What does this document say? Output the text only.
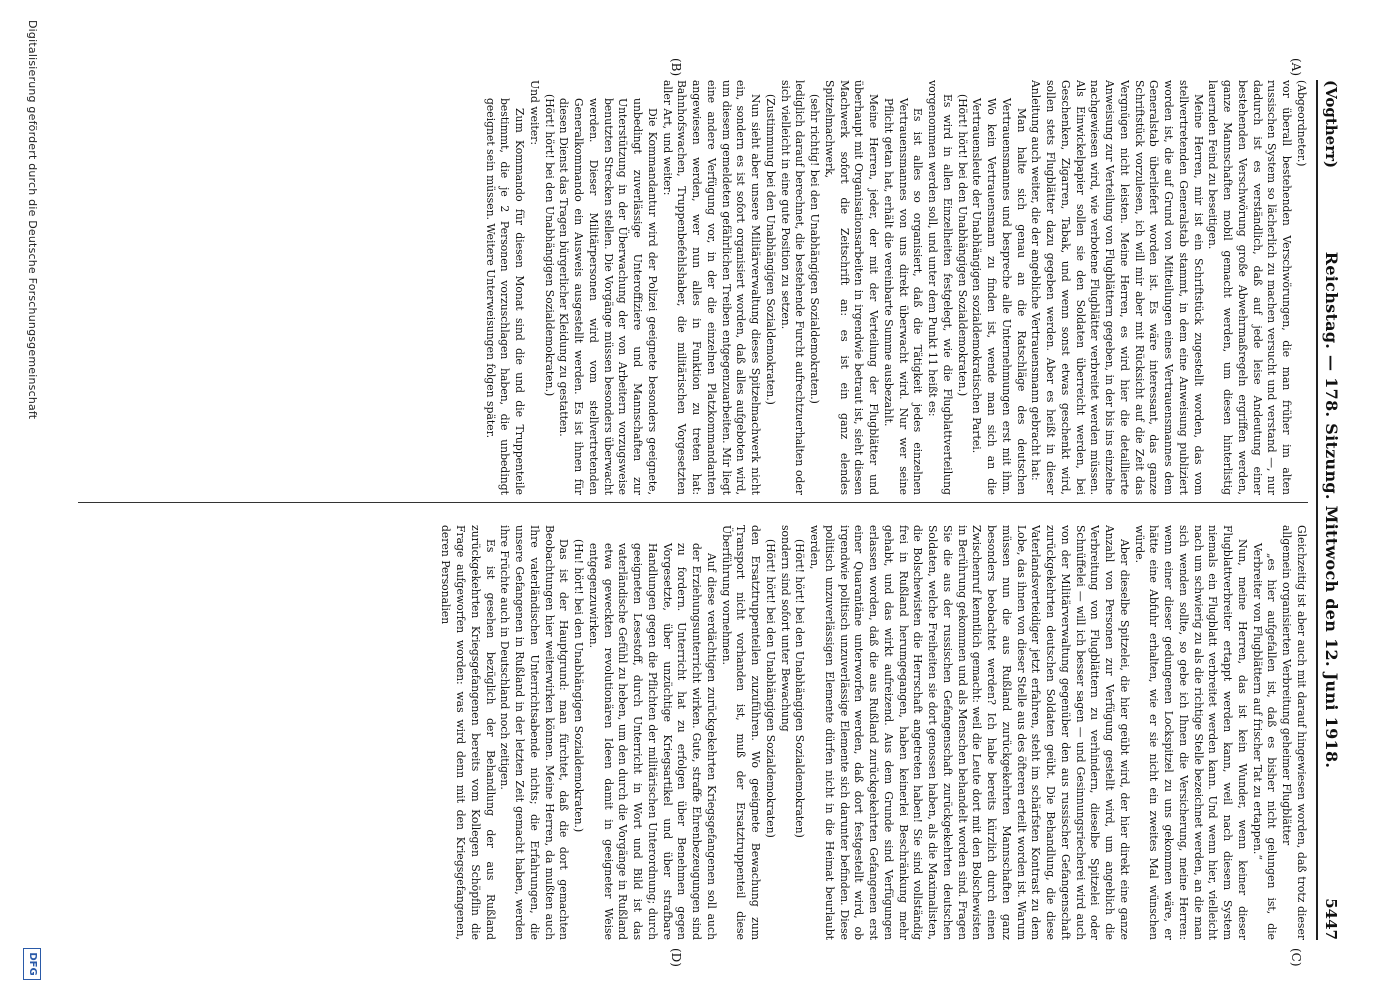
(Vogtherr)
Reichstag. — 178. Sitzung. Mittwoch den 12. Juni 1918.
5447
(A)
(B)
(C)
(D)

(Abgeordneter.)

vor überall bestehenden Verschwörungen, die man früher im alten russischen System so lächerlich zu machen versucht und verstand —, nur dadurch ist es verständlich, daß auf jede leise Andeutung einer bestehenden Verschwörung große Abwehrmaßregeln ergriffen werden, ganze Mannschaften mobil gemacht werden, um diesen hinterlistig lauernden Feind zu beseitigen.

Meine Herren, mir ist ein Schriftstück zugestellt worden, das vom stellvertretenden Generalstab stammt, in dem eine Anweisung publiziert worden ist, die auf Grund von Mitteilungen eines Vertrauensmannes dem Generalstab überliefert worden ist. Es wäre interessant, das ganze Schriftstück vorzulesen, ich will mir aber mit Rücksicht auf die Zeit das Vergnügen nicht leisten. Meine Herren, es wird hier die detaillierte Anweisung zur Verteilung von Flugblättern gegeben, in der bis ins einzelne nachgewiesen wird, wie verbotene Flugblätter verbreitet werden müssen. Als Einwickelpapier sollen sie den Soldaten überreicht werden, bei Geschenken, Zigarren, Tabak, und wenn sonst etwas geschenkt wird, sollen stets Flugblätter dazu gegeben werden. Aber es heißt in dieser Anleitung auch weiter, die der angebliche Vertrauensmann gebracht hat:

Man halte sich genau an die Ratschläge des deutschen Vertrauensmannes und bespreche alle Unternehmungen erst mit ihm. Wo kein Vertrauensmann zu finden ist, wende man sich an die Vertrauensleute der Unabhängigen sozialdemokratischen Partei.

(Hört! hört! bei den Unabhängigen Sozialdemokraten.)

Es wird in allen Einzelheiten festgelegt, wie die Flugblattverteilung vorgenommen werden soll, und unter dem Punkt 11 heißt es:

Es ist alles so organisiert, daß die Tätigkeit jedes einzelnen Vertrauensmannes von uns direkt überwacht wird. Nur wer seine Pflicht getan hat, erhält die vereinbarte Summe ausbezahlt.

Meine Herren, jeder, der mit der Verteilung der Flugblätter und überhaupt mit Organisationsarbeiten in irgendwie betraut ist, sieht diesen Machwerk sofort die Zeitschrift an: es ist ein ganz elendes Spitzelmachwerk,

(sehr richtig! bei den Unabhängigen Sozialdemokraten.)

lediglich darauf berechnet, die bestehende Furcht aufrechtzuerhalten oder sich vielleicht in eine gute Position zu setzen.

(Zustimmung bei den Unabhängigen Sozialdemokraten.)

Nun sieht aber unsere Militärverwaltung dieses Spitzelmachwerk nicht ein, sondern es ist sofort organisiert worden, daß alles aufgeboten wird, um diesem gemeldeten gefährlichen Treiben entgegenzuarbeiten. Mir liegt eine andere Verfügung vor, in der die einzelnen Platzkommandanten angewiesen werden, wer nun alles in Funktion zu treten hat: Bahnhofswachen, Truppenbefehlshaber, die militärischen Vorgesetzten aller Art, und weiter:

Die Kommandantur wird der Polizei geeignete besonders geeignete, unbedingt zuverlässige Unteroffiziere und Mannschaften zur Unterstützung in der Überwachung der von Arbeitern vorzugsweise benutzten Strecken stellen. Die Vorgänge müssen besonders überwacht werden. Dieser Militärpersonen wird vom stellvertretenden Generalkommando ein Ausweis ausgestellt werden. Es ist ihnen für diesen Dienst das Tragen bürgerlicher Kleidung zu gestatten.

(Hört! hört! bei den Unabhängigen Sozialdemokraten.)

Und weiter:

Zum Kommando für diesen Monat sind die und die Truppenteile bestimmt, die je 2 Personen vorzuschlagen haben, die unbedingt geeignet sein müssen. Weitere Unterweisungen folgen später.

Gleichzeitig ist aber auch mit darauf hingewiesen worden, daß trotz dieser allgemein organisierten Verbreitung geheimer Flugblätter

„es hier aufgefallen ist, daß es bisher nicht gelungen ist, die Verbreiter von Flugblättern auf frischer Tat zu ertappen.“

Nun, meine Herren, das ist kein Wunder, wenn keiner dieser Flugblattverbreiter ertappt werden kann, weil nach diesem System niemals ein Flugblatt verbreitet werden kann. Und wenn hier, vielleicht nach um schwierig zu als die richtige Stelle bezeichnet werden, an die man sich wenden sollte, so gebe ich Ihnen die Versicherung, meine Herren: wenn einer dieser gedungenen Lockspitzel zu uns gekommen wäre, er hätte eine Abfuhr erhalten, wie er sie nicht ein zweites Mal wünschen würde.

Aber dieselbe Spitzelei, die hier geübt wird, der hier direkt eine ganze Anzahl von Personen zur Verfügung gestellt wird, um angeblich die Verbreitung von Flugblättern zu verhindern, dieselbe Spitzelei oder Schnüffelei — will ich besser sagen — und Gesinnungsriecherei wird auch von der Militärverwaltung gegenüber den aus russischer Gefangenschaft zurückgekehrten deutschen Soldaten geübt. Die Behandlung, die diese Vaterlandsverteidiger jetzt erfahren, steht im schärfsten Kontrast zu dem Lobe, das ihnen von dieser Stelle aus des öfteren erteilt worden ist. Warum müssen nun die aus Rußland zurückgekehrten Mannschaften ganz besonders beobachtet werden? Ich habe bereits kürzlich durch einen Zwischenruf kenntlich gemacht: weil die Leute dort mit den Bolschewisten in Berührung gekommen und als Menschen behandelt worden sind. Fragen Sie die aus der russischen Gefangenschaft zurückgekehrten deutschen Soldaten, welche Freiheiten sie dort genossen haben, als die Maximalisten, die Bolschewisten die Herrschaft angetreten haben! Sie sind vollständig frei in Rußland herumgegangen, haben keinerlei Beschränkung mehr gehabt, und das wirkt aufreizend. Aus dem Grunde sind Verfügungen erlassen worden, daß die aus Rußland zurückgekehrten Gefangenen erst einer Quarantäne unterworfen werden, daß dort festgestellt wird, ob irgendwie politisch unzuverlässige Elemente sich darunter befinden. Diese politisch unzuverlässigen Elemente dürfen nicht in die Heimat beurlaubt werden,

(Hört! hört! bei den Unabhängigen Sozialdemokraten)

sondern sind sofort unter Bewachung

(Hört! hört! bei den Unabhängigen Sozialdemokraten)

den Ersatztruppenteilen zuzuführen. Wo geeignete Bewachung zum Transport nicht vorhanden ist, muß der Ersatztruppenteil diese Überführung vornehmen.

Auf diese verdächtigen zurückgekehrten Kriegsgefangenen soll auch der Erziehungsunterricht wirken. Gute, straffe Ehrenbezeugungen sind zu fordern. Unterricht hat zu erfolgen über Benehmen gegen Vorgesetzte, über unzüchtige Kriegsartikel und über strafbare Handlungen gegen die Pflichten der militärischen Unterordnung; durch geeigneten Lesestoff, durch Unterricht in Wort und Bild ist das vaterländische Gefühl zu heben, um den durch die Vorgänge in Rußland etwa geweckten revolutionären Ideen damit in geeigneter Weise entgegenzuwirken.

(Hu! hört! bei den Unabhängigen Sozialdemokraten.)

Das ist der Hauptgrund: man fürchtet, daß die dort gemachten Beobachtungen hier weiterwirken können. Meine Herren, da mußten auch Ihre vaterländischen Unterrichtsabende nichts; die Erfahrungen, die unsere Gefangenen in Rußland in der letzten Zeit gemacht haben, werden ihre Früchte auch in Deutschland noch zeitigen.

Es ist gesehen bezüglich der Behandlung der aus Rußland zurückgekehrten Kriegsgefangenen bereits vom Kollegen Schöpflin die Frage aufgeworfen worden: was wird denn mit den Kriegsgefangenen, deren Personalien

Digitalisierung gefördert durch die Deutsche Forschungsgemeinschaft
DFG
